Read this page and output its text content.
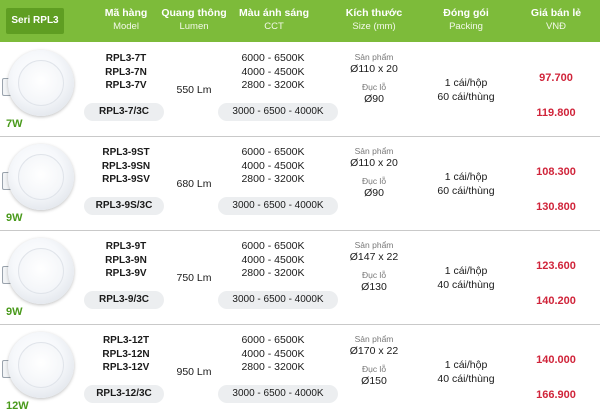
Seri RPL3
Mã hàng
Model
Quang thông
Lumen
Màu ánh sáng
CCT
Kích thước
Size (mm)
Đóng gói
Packing
Giá bán lẻ
VNĐ
7W
RPL3-7T
RPL3-7N
RPL3-7V
RPL3-7/3C
550 Lm
6000 - 6500K
4000 - 4500K
2800 - 3200K
3000 - 6500 - 4000K
Sản phẩm
Ø110 x 20
Đục lỗ
Ø90
1 cái/hộp
60 cái/thùng
97.700
119.800
9W
RPL3-9ST
RPL3-9SN
RPL3-9SV
RPL3-9S/3C
680 Lm
6000 - 6500K
4000 - 4500K
2800 - 3200K
3000 - 6500 - 4000K
Sản phẩm
Ø110 x 20
Đục lỗ
Ø90
1 cái/hộp
60 cái/thùng
108.300
130.800
9W
RPL3-9T
RPL3-9N
RPL3-9V
RPL3-9/3C
750 Lm
6000 - 6500K
4000 - 4500K
2800 - 3200K
3000 - 6500 - 4000K
Sản phẩm
Ø147 x 22
Đục lỗ
Ø130
1 cái/hộp
40 cái/thùng
123.600
140.200
12W
RPL3-12T
RPL3-12N
RPL3-12V
RPL3-12/3C
950 Lm
6000 - 6500K
4000 - 4500K
2800 - 3200K
3000 - 6500 - 4000K
Sản phẩm
Ø170 x 22
Đục lỗ
Ø150
1 cái/hộp
40 cái/thùng
140.000
166.900
